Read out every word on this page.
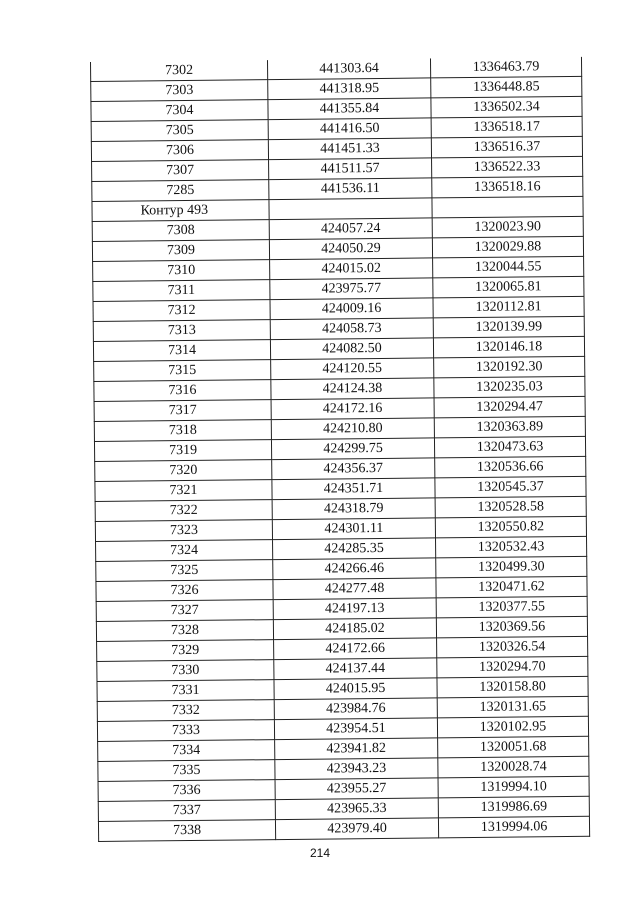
7302	441303.64	1336463.79
7303	441318.95	1336448.85
7304	441355.84	1336502.34
7305	441416.50	1336518.17
7306	441451.33	1336516.37
7307	441511.57	1336522.33
7285	441536.11	1336518.16
Контур 493		
7308	424057.24	1320023.90
7309	424050.29	1320029.88
7310	424015.02	1320044.55
7311	423975.77	1320065.81
7312	424009.16	1320112.81
7313	424058.73	1320139.99
7314	424082.50	1320146.18
7315	424120.55	1320192.30
7316	424124.38	1320235.03
7317	424172.16	1320294.47
7318	424210.80	1320363.89
7319	424299.75	1320473.63
7320	424356.37	1320536.66
7321	424351.71	1320545.37
7322	424318.79	1320528.58
7323	424301.11	1320550.82
7324	424285.35	1320532.43
7325	424266.46	1320499.30
7326	424277.48	1320471.62
7327	424197.13	1320377.55
7328	424185.02	1320369.56
7329	424172.66	1320326.54
7330	424137.44	1320294.70
7331	424015.95	1320158.80
7332	423984.76	1320131.65
7333	423954.51	1320102.95
7334	423941.82	1320051.68
7335	423943.23	1320028.74
7336	423955.27	1319994.10
7337	423965.33	1319986.69
7338	423979.40	1319994.06
214
